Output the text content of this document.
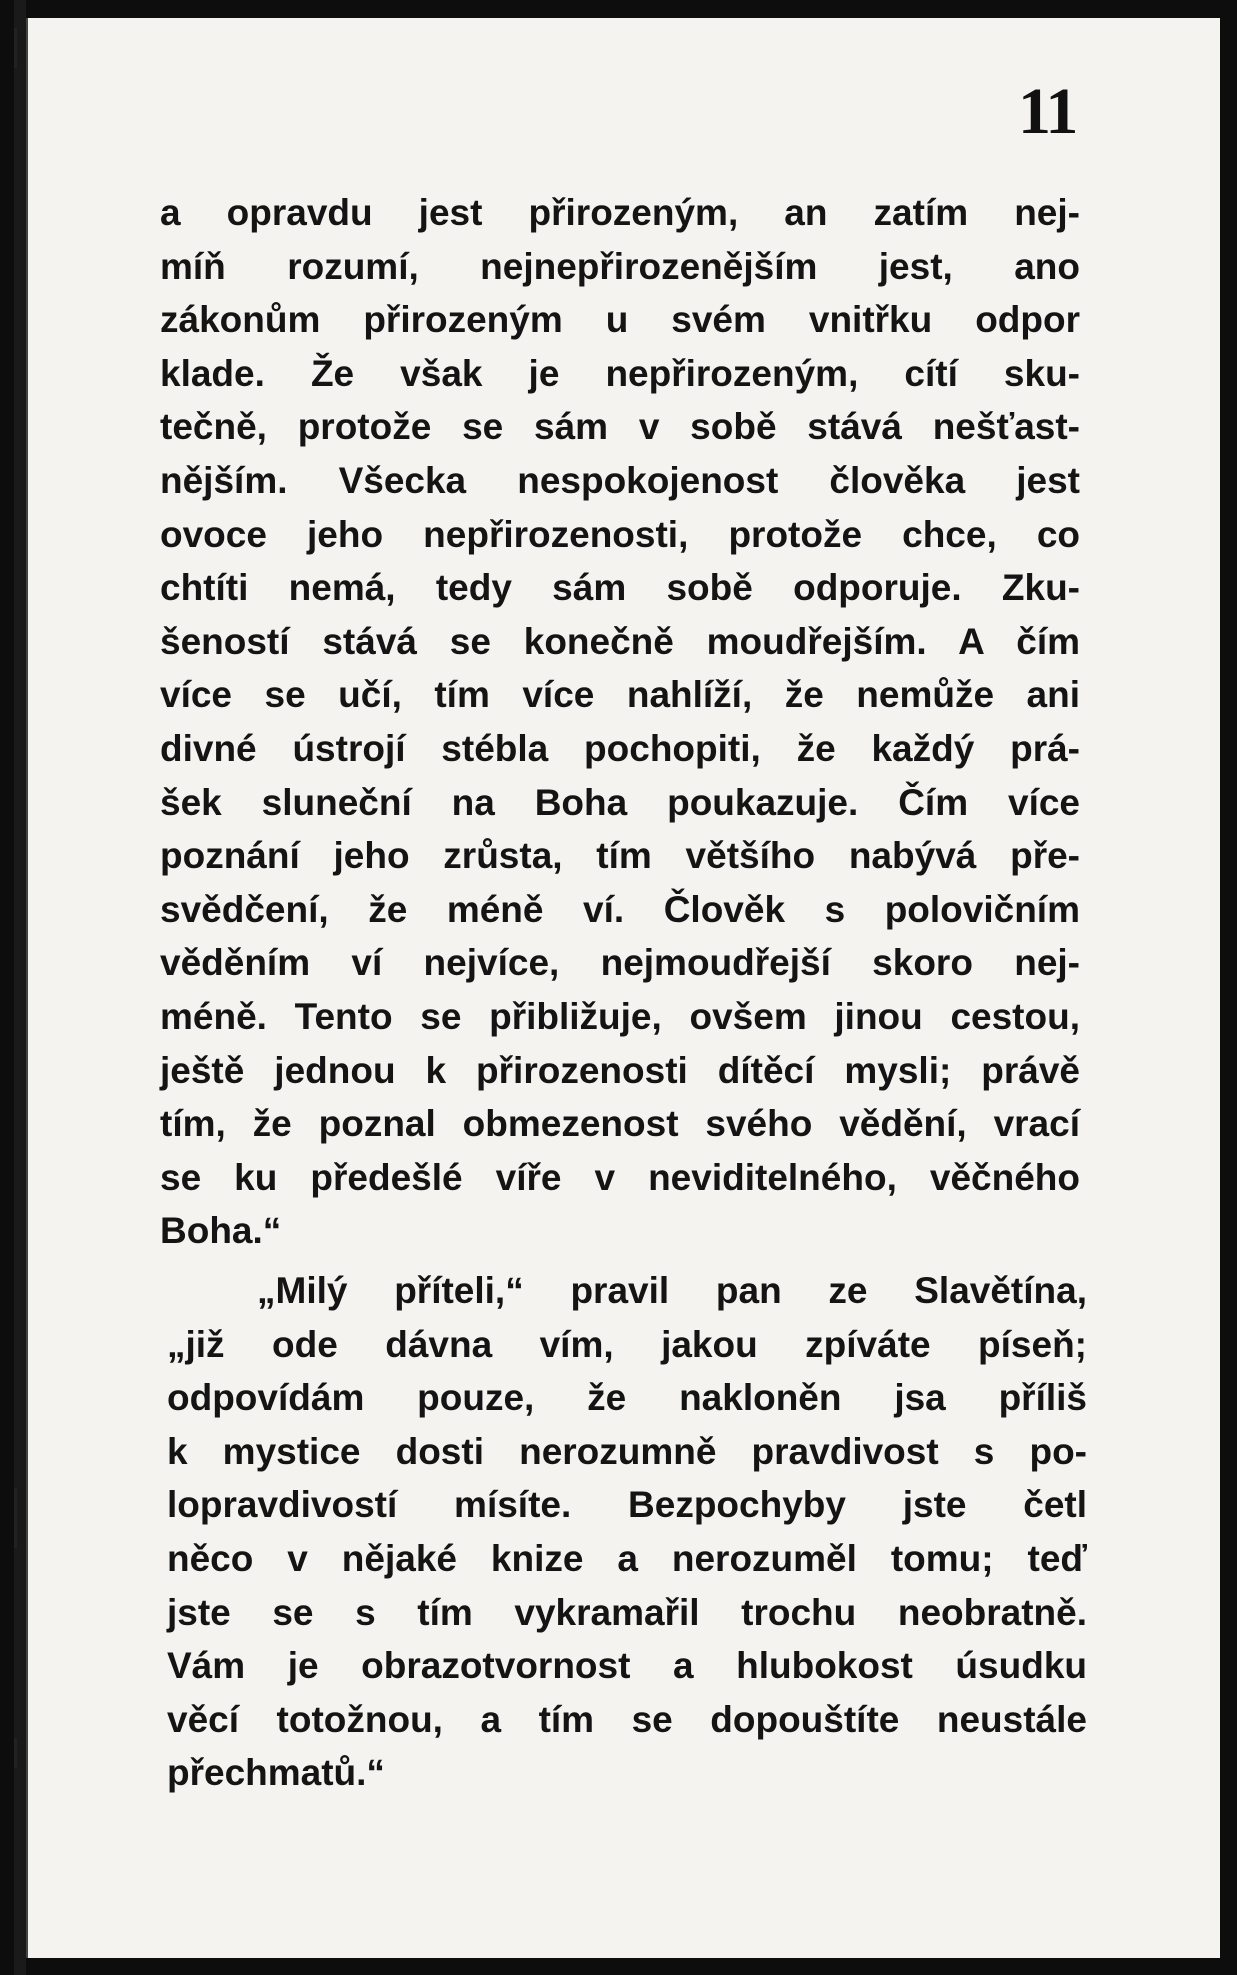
11
a opravdu jest přirozeným, an zatím nej-
míň rozumí, nejnepřirozenějším jest, ano
zákonům přirozeným u svém vnitřku odpor
klade. Že však je nepřirozeným, cítí sku-
tečně, protože se sám v sobě stává nešťast-
nějším. Všecka nespokojenost člověka jest
ovoce jeho nepřirozenosti, protože chce, co
chtíti nemá, tedy sám sobě odporuje. Zku-
šeností stává se konečně moudřejším. A čím
více se učí, tím více nahlíží, že nemůže ani
divné ústrojí stébla pochopiti, že každý prá-
šek sluneční na Boha poukazuje. Čím více
poznání jeho zrůsta, tím většího nabývá pře-
svědčení, že méně ví. Člověk s polovičním
věděním ví nejvíce, nejmoudřejší skoro nej-
méně. Tento se přibližuje, ovšem jinou cestou,
ještě jednou k přirozenosti dítěcí mysli; právě
tím, že poznal obmezenost svého vědění, vrací
se ku předešlé víře v neviditelného, věčného
Boha.“
„Milý příteli,“ pravil pan ze Slavětína,
„již ode dávna vím, jakou zpíváte píseň;
odpovídám pouze, že nakloněn jsa příliš
k mystice dosti nerozumně pravdivost s po-
lopravdivostí mísíte. Bezpochyby jste četl
něco v nějaké knize a nerozuměl tomu; teď
jste se s tím vykramařil trochu neobratně.
Vám je obrazotvornost a hlubokost úsudku
věcí totožnou, a tím se dopouštíte neustále
přechmatů.“
